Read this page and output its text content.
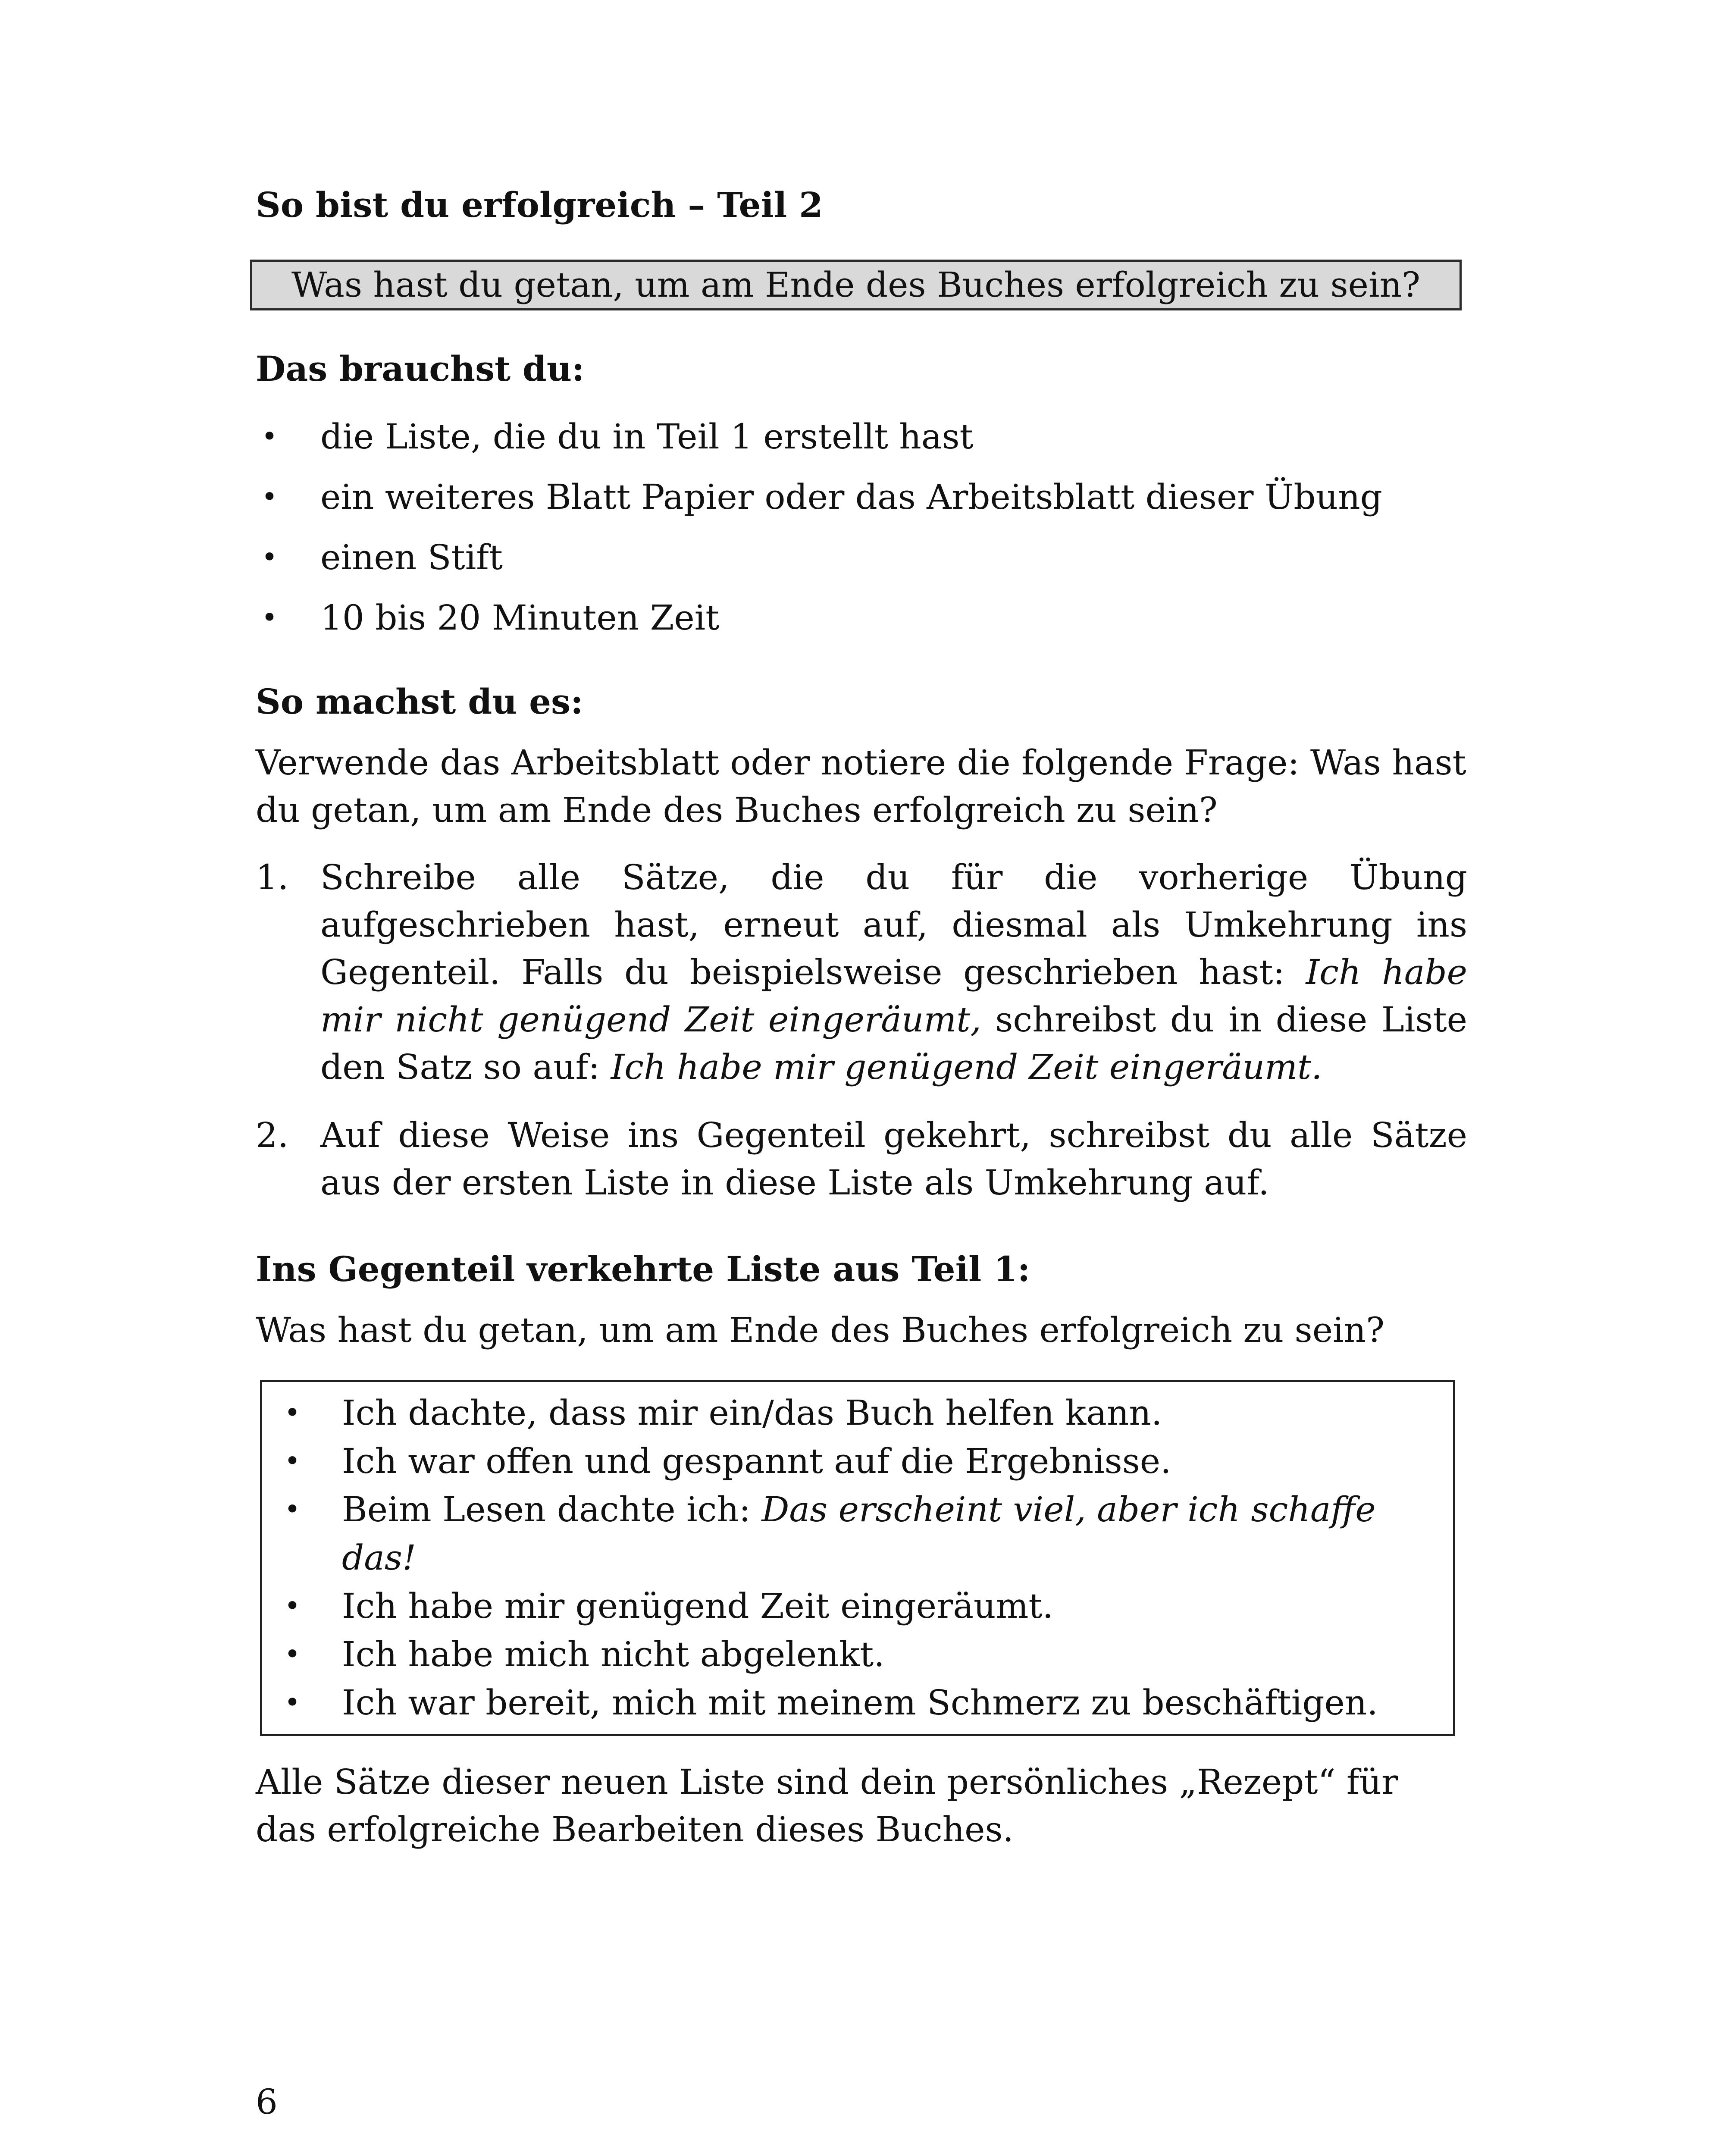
So bist du erfolgreich – Teil 2
Was hast du getan, um am Ende des Buches erfolgreich zu sein?
Das brauchst du:
• die Liste, die du in Teil 1 erstellt hast
• ein weiteres Blatt Papier oder das Arbeitsblatt dieser Übung
• einen Stift
• 10 bis 20 Minuten Zeit
So machst du es:

Verwende das Arbeitsblatt oder notiere die folgende Frage: Was hast du getan, um am Ende des Buches erfolgreich zu sein?

1. Schreibe alle Sätze, die du für die vorherige Übung aufgeschrieben hast, erneut auf, diesmal als Umkehrung ins Gegenteil. Falls du beispielsweise geschrieben hast: Ich habe mir nicht genügend Zeit eingeräumt, schreibst du in diese Liste den Satz so auf: Ich habe mir genügend Zeit eingeräumt.
2. Auf diese Weise ins Gegenteil gekehrt, schreibst du alle Sätze aus der ersten Liste in diese Liste als Umkehrung auf.
Ins Gegenteil verkehrte Liste aus Teil 1:

Was hast du getan, um am Ende des Buches erfolgreich zu sein?

• Ich dachte, dass mir ein/das Buch helfen kann.
• Ich war offen und gespannt auf die Ergebnisse.
• Beim Lesen dachte ich: Das erscheint viel, aber ich schaffe das!
• Ich habe mir genügend Zeit eingeräumt.
• Ich habe mich nicht abgelenkt.
• Ich war bereit, mich mit meinem Schmerz zu beschäftigen.

Alle Sätze dieser neuen Liste sind dein persönliches „Rezept“ für das erfolgreiche Bearbeiten dieses Buches.

6
